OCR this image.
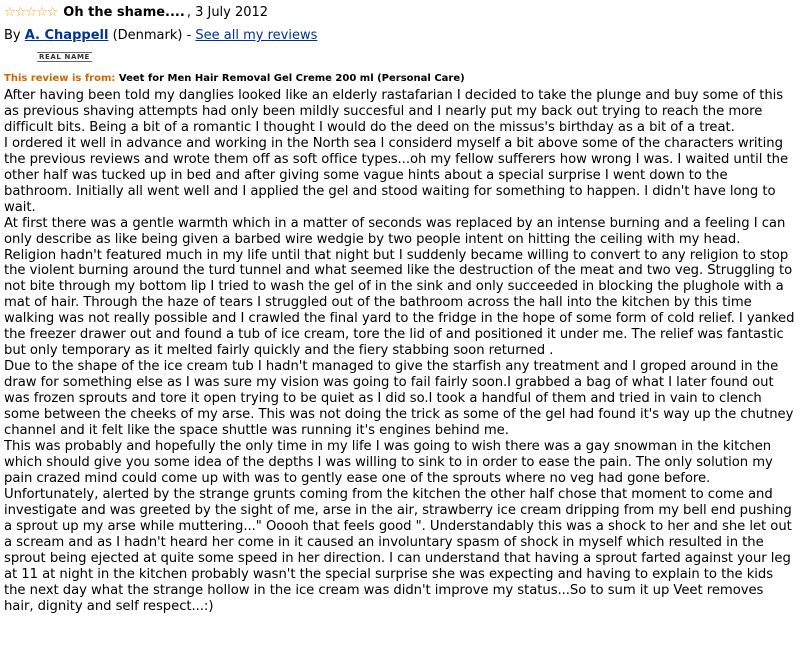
☆ ☆ ☆ ☆ ☆ Oh the shame.... , 3 July 2012
By A. Chappell (Denmark) - See all my reviews
REAL NAME
This review is from: Veet for Men Hair Removal Gel Creme 200 ml (Personal Care)

After having been told my danglies looked like an elderly rastafarian I decided to take the plunge and buy some of this as previous shaving attempts had only been mildly succesful and I nearly put my back out trying to reach the more difficult bits. Being a bit of a romantic I thought I would do the deed on the missus's birthday as a bit of a treat.

I ordered it well in advance and working in the North sea I considerd myself a bit above some of the characters writing the previous reviews and wrote them off as soft office types...oh my fellow sufferers how wrong I was. I waited until the other half was tucked up in bed and after giving some vague hints about a special surprise I went down to the bathroom. Initially all went well and I applied the gel and stood waiting for something to happen. I didn't have long to wait.

At first there was a gentle warmth which in a matter of seconds was replaced by an intense burning and a feeling I can only describe as like being given a barbed wire wedgie by two people intent on hitting the ceiling with my head. Religion hadn't featured much in my life until that night but I suddenly became willing to convert to any religion to stop the violent burning around the turd tunnel and what seemed like the destruction of the meat and two veg. Struggling to not bite through my bottom lip I tried to wash the gel of in the sink and only succeeded in blocking the plughole with a mat of hair. Through the haze of tears I struggled out of the bathroom across the hall into the kitchen by this time walking was not really possible and I crawled the final yard to the fridge in the hope of some form of cold relief. I yanked the freezer drawer out and found a tub of ice cream, tore the lid of and positioned it under me. The relief was fantastic but only temporary as it melted fairly quickly and the fiery stabbing soon returned .

Due to the shape of the ice cream tub I hadn't managed to give the starfish any treatment and I groped around in the draw for something else as I was sure my vision was going to fail fairly soon.I grabbed a bag of what I later found out was frozen sprouts and tore it open trying to be quiet as I did so.I took a handful of them and tried in vain to clench some between the cheeks of my arse. This was not doing the trick as some of the gel had found it's way up the chutney channel and it felt like the space shuttle was running it's engines behind me.

This was probably and hopefully the only time in my life I was going to wish there was a gay snowman in the kitchen which should give you some idea of the depths I was willing to sink to in order to ease the pain. The only solution my pain crazed mind could come up with was to gently ease one of the sprouts where no veg had gone before.

Unfortunately, alerted by the strange grunts coming from the kitchen the other half chose that moment to come and investigate and was greeted by the sight of me, arse in the air, strawberry ice cream dripping from my bell end pushing a sprout up my arse while muttering..." Ooooh that feels good ". Understandably this was a shock to her and she let out a scream and as I hadn't heard her come in it caused an involuntary spasm of shock in myself which resulted in the sprout being ejected at quite some speed in her direction. I can understand that having a sprout farted against your leg at 11 at night in the kitchen probably wasn't the special surprise she was expecting and having to explain to the kids the next day what the strange hollow in the ice cream was didn't improve my status...So to sum it up Veet removes hair, dignity and self respect...:)
